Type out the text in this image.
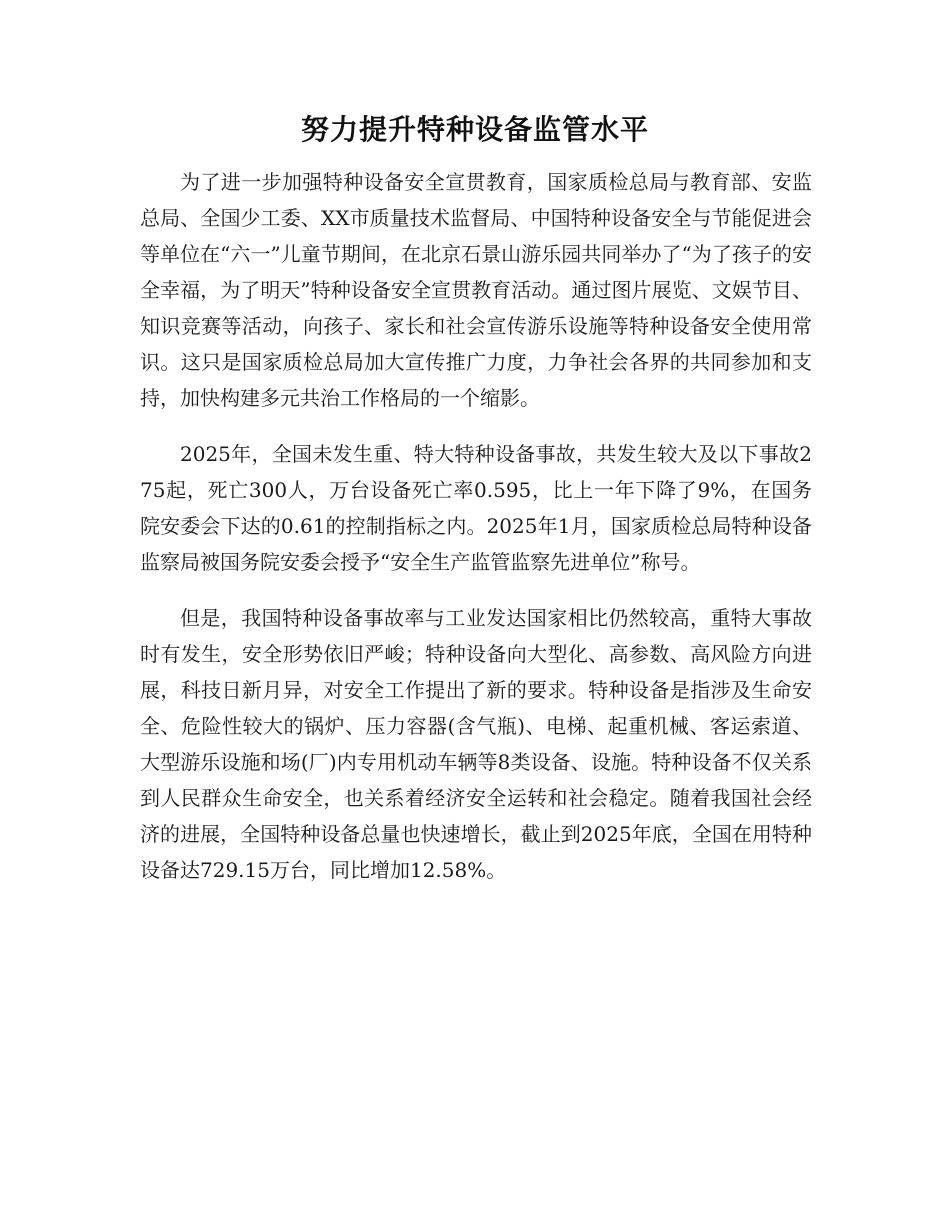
努力提升特种设备监管水平

为了进一步加强特种设备安全宣贯教育，国家质检总局与教育部、安监总局、全国少工委、XX市质量技术监督局、中国特种设备安全与节能促进会等单位在“六一”儿童节期间，在北京石景山游乐园共同举办了“为了孩子的安全幸福，为了明天”特种设备安全宣贯教育活动。通过图片展览、文娱节目、知识竞赛等活动，向孩子、家长和社会宣传游乐设施等特种设备安全使用常识。这只是国家质检总局加大宣传推广力度，力争社会各界的共同参加和支持，加快构建多元共治工作格局的一个缩影。

2025年，全国未发生重、特大特种设备事故，共发生较大及以下事故275起，死亡300人，万台设备死亡率0.595，比上一年下降了9%，在国务院安委会下达的0.61的控制指标之内。2025年1月，国家质检总局特种设备监察局被国务院安委会授予“安全生产监管监察先进单位”称号。

但是，我国特种设备事故率与工业发达国家相比仍然较高，重特大事故时有发生，安全形势依旧严峻；特种设备向大型化、高参数、高风险方向进展，科技日新月异，对安全工作提出了新的要求。特种设备是指涉及生命安全、危险性较大的锅炉、压力容器(含气瓶)、电梯、起重机械、客运索道、大型游乐设施和场(厂)内专用机动车辆等8类设备、设施。特种设备不仅关系到人民群众生命安全，也关系着经济安全运转和社会稳定。随着我国社会经济的进展，全国特种设备总量也快速增长，截止到2025年底，全国在用特种设备达729.15万台，同比增加12.58%。
